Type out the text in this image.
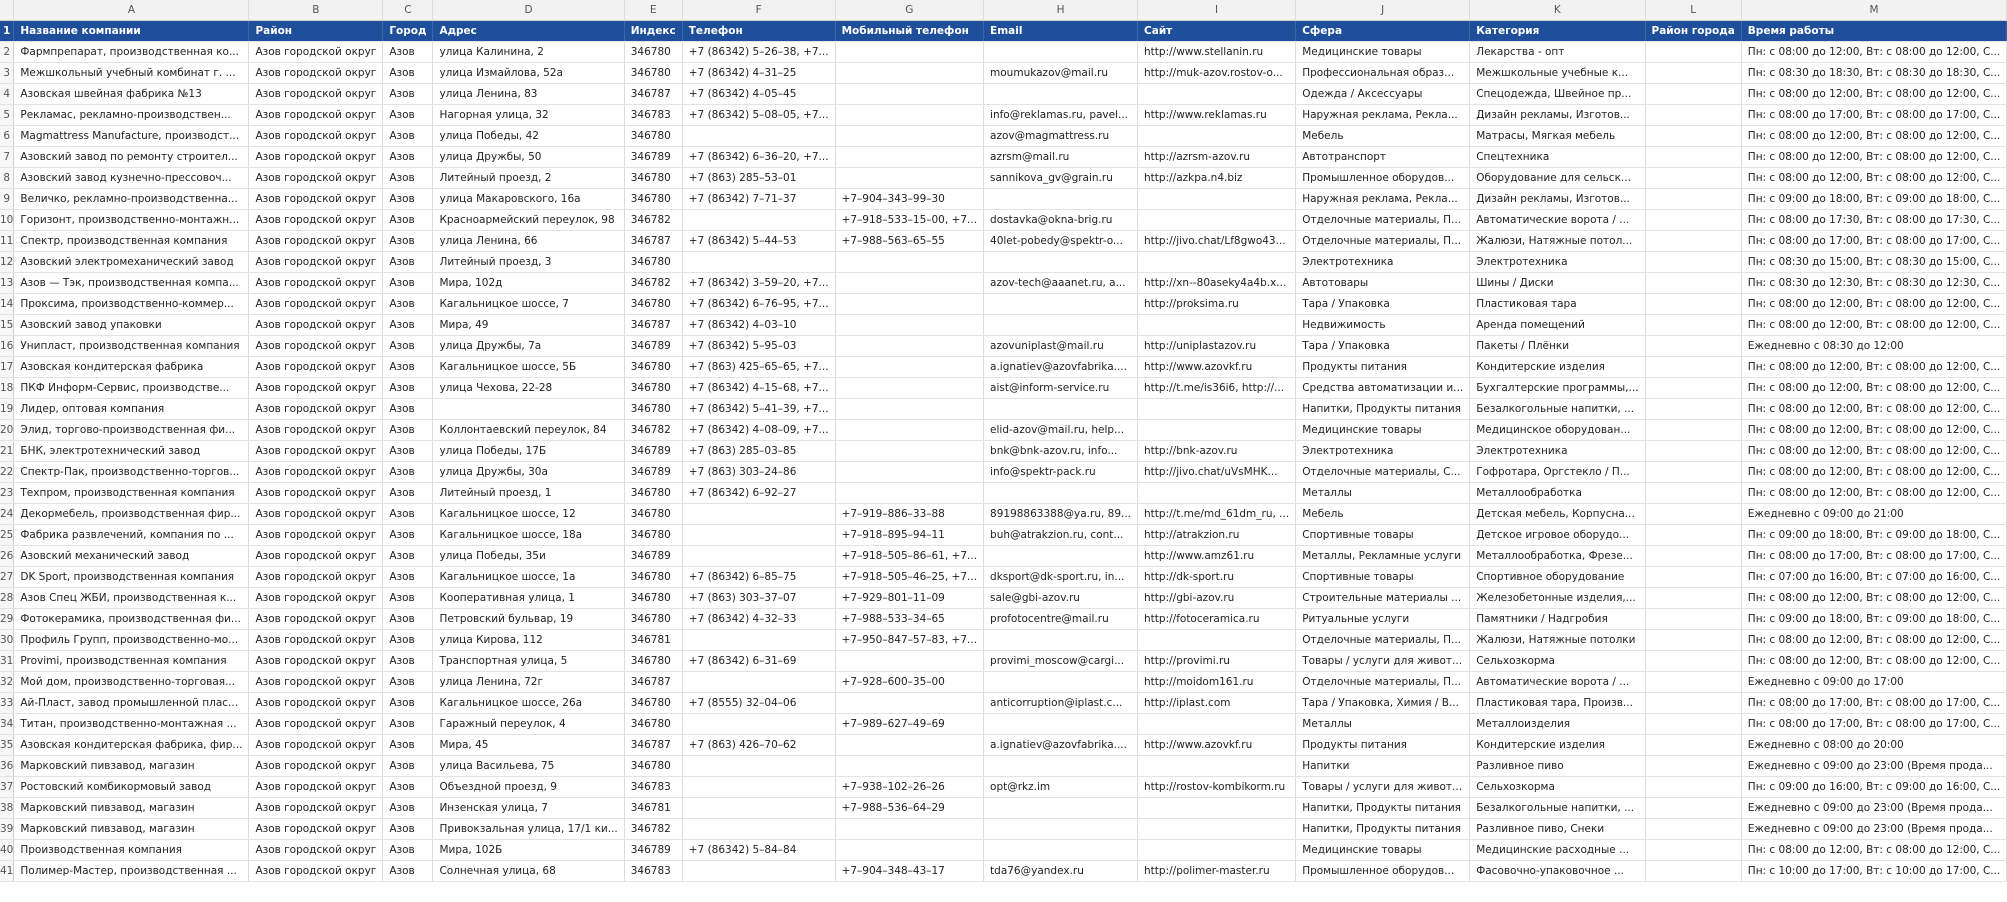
	A	B	C	D	E	F	G	H	I	J	K	L	M
1	Название компании	Район	Город	Адрес	Индекс	Телефон	Мобильный телефон	Email	Сайт	Сфера	Категория	Район города	Время работы
2	Фармпрепарат, производственная ко...	Азов городской округ	Азов	улица Калинина, 2	346780	+7 (86342) 5–26–38, +7...			http://www.stellanin.ru	Медицинские товары	Лекарства - опт		Пн: с 08:00 до 12:00, Вт: с 08:00 до 12:00, С...
3	Межшкольный учебный комбинат г. ...	Азов городской округ	Азов	улица Измайлова, 52а	346780	+7 (86342) 4–31–25		moumukazov@mail.ru	http://muk-azov.rostov-o...	Профессиональная образ...	Межшкольные учебные к...		Пн: с 08:30 до 18:30, Вт: с 08:30 до 18:30, С...
4	Азовская швейная фабрика №13	Азов городской округ	Азов	улица Ленина, 83	346787	+7 (86342) 4–05–45				Одежда / Аксессуары	Спецодежда, Швейное пр...		Пн: с 08:00 до 12:00, Вт: с 08:00 до 12:00, С...
5	Рекламас, рекламно-производствен...	Азов городской округ	Азов	Нагорная улица, 32	346783	+7 (86342) 5–08–05, +7...		info@reklamas.ru, pavel...	http://www.reklamas.ru	Наружная реклама, Рекла...	Дизайн рекламы, Изготов...		Пн: с 08:00 до 17:00, Вт: с 08:00 до 17:00, С...
6	Magmattress Manufacture, производст...	Азов городской округ	Азов	улица Победы, 42	346780			azov@magmattress.ru		Мебель	Матрасы, Мягкая мебель		Пн: с 08:00 до 12:00, Вт: с 08:00 до 12:00, С...
7	Азовский завод по ремонту строител...	Азов городской округ	Азов	улица Дружбы, 50	346789	+7 (86342) 6–36–20, +7...		azrsm@mail.ru	http://azrsm-azov.ru	Автотранспорт	Спецтехника		Пн: с 08:00 до 12:00, Вт: с 08:00 до 12:00, С...
8	Азовский завод кузнечно-прессовоч...	Азов городской округ	Азов	Литейный проезд, 2	346780	+7 (863) 285–53–01		sannikova_gv@grain.ru	http://azkpa.n4.biz	Промышленное оборудов...	Оборудование для сельск...		Пн: с 08:00 до 12:00, Вт: с 08:00 до 12:00, С...
9	Величко, рекламно-производственна...	Азов городской округ	Азов	улица Макаровского, 16а	346780	+7 (86342) 7–71–37	+7–904–343–99–30			Наружная реклама, Рекла...	Дизайн рекламы, Изготов...		Пн: с 09:00 до 18:00, Вт: с 09:00 до 18:00, С...
10	Горизонт, производственно-монтажн...	Азов городской округ	Азов	Красноармейский переулок, 98	346782		+7–918–533–15–00, +7...	dostavka@okna-brig.ru		Отделочные материалы, П...	Автоматические ворота / ...		Пн: с 08:00 до 17:30, Вт: с 08:00 до 17:30, С...
11	Спектр, производственная компания	Азов городской округ	Азов	улица Ленина, 66	346787	+7 (86342) 5–44–53	+7–988–563–65–55	40let-pobedy@spektr-o...	http://jivo.chat/Lf8gwo43...	Отделочные материалы, П...	Жалюзи, Натяжные потол...		Пн: с 08:00 до 17:00, Вт: с 08:00 до 17:00, С...
12	Азовский электромеханический завод	Азов городской округ	Азов	Литейный проезд, 3	346780					Электротехника	Электротехника		Пн: с 08:30 до 15:00, Вт: с 08:30 до 15:00, С...
13	Азов — Тэк, производственная компа...	Азов городской округ	Азов	Мира, 102д	346782	+7 (86342) 3–59–20, +7...		azov-tech@aaanet.ru, a...	http://xn--80aseky4a4b.x...	Автотовары	Шины / Диски		Пн: с 08:30 до 12:30, Вт: с 08:30 до 12:30, С...
14	Проксима, производственно-коммер...	Азов городской округ	Азов	Кагальницкое шоссе, 7	346780	+7 (86342) 6–76–95, +7...			http://proksima.ru	Тара / Упаковка	Пластиковая тара		Пн: с 08:00 до 12:00, Вт: с 08:00 до 12:00, С...
15	Азовский завод упаковки	Азов городской округ	Азов	Мира, 49	346787	+7 (86342) 4–03–10				Недвижимость	Аренда помещений		Пн: с 08:00 до 12:00, Вт: с 08:00 до 12:00, С...
16	Унипласт, производственная компания	Азов городской округ	Азов	улица Дружбы, 7а	346789	+7 (86342) 5–95–03		azovuniplast@mail.ru	http://uniplastazov.ru	Тара / Упаковка	Пакеты / Плёнки		Ежедневно с 08:30 до 12:00
17	Азовская кондитерская фабрика	Азов городской округ	Азов	Кагальницкое шоссе, 5Б	346780	+7 (863) 425–65–65, +7...		a.ignatiev@azovfabrika....	http://www.azovkf.ru	Продукты питания	Кондитерские изделия		Пн: с 08:00 до 12:00, Вт: с 08:00 до 12:00, С...
18	ПКФ Информ-Сервис, производстве...	Азов городской округ	Азов	улица Чехова, 22-28	346780	+7 (86342) 4–15–68, +7...		aist@inform-service.ru	http://t.me/is36i6, http://...	Средства автоматизации и...	Бухгалтерские программы,...		Пн: с 08:00 до 12:00, Вт: с 08:00 до 12:00, С...
19	Лидер, оптовая компания	Азов городской округ	Азов		346780	+7 (86342) 5–41–39, +7...				Напитки, Продукты питания	Безалкогольные напитки, ...		Пн: с 08:00 до 12:00, Вт: с 08:00 до 12:00, С...
20	Элид, торгово-производственная фи...	Азов городской округ	Азов	Коллонтаевский переулок, 84	346782	+7 (86342) 4–08–09, +7...		elid-azov@mail.ru, help...		Медицинские товары	Медицинское оборудован...		Пн: с 08:00 до 12:00, Вт: с 08:00 до 12:00, С...
21	БНК, электротехнический завод	Азов городской округ	Азов	улица Победы, 17Б	346789	+7 (863) 285–03–85		bnk@bnk-azov.ru, info...	http://bnk-azov.ru	Электротехника	Электротехника		Пн: с 08:00 до 12:00, Вт: с 08:00 до 12:00, С...
22	Спектр-Пак, производственно-торгов...	Азов городской округ	Азов	улица Дружбы, 30а	346789	+7 (863) 303–24–86		info@spektr-pack.ru	http://jivo.chat/uVsMHK...	Отделочные материалы, С...	Гофротара, Оргстекло / П...		Пн: с 08:00 до 12:00, Вт: с 08:00 до 12:00, С...
23	Техпром, производственная компания	Азов городской округ	Азов	Литейный проезд, 1	346780	+7 (86342) 6–92–27				Металлы	Металлообработка		Пн: с 08:00 до 12:00, Вт: с 08:00 до 12:00, С...
24	Декормебель, производственная фир...	Азов городской округ	Азов	Кагальницкое шоссе, 12	346780		+7–919–886–33–88	89198863388@ya.ru, 89...	http://t.me/md_61dm_ru, ...	Мебель	Детская мебель, Корпусна...		Ежедневно с 09:00 до 21:00
25	Фабрика развлечений, компания по ...	Азов городской округ	Азов	Кагальницкое шоссе, 18а	346780		+7–918–895–94–11	buh@atrakzion.ru, cont...	http://atrakzion.ru	Спортивные товары	Детское игровое оборудо...		Пн: с 09:00 до 18:00, Вт: с 09:00 до 18:00, С...
26	Азовский механический завод	Азов городской округ	Азов	улица Победы, 35и	346789		+7–918–505–86–61, +7...		http://www.amz61.ru	Металлы, Рекламные услуги	Металлообработка, Фрезе...		Пн: с 08:00 до 17:00, Вт: с 08:00 до 17:00, С...
27	DK Sport, производственная компания	Азов городской округ	Азов	Кагальницкое шоссе, 1а	346780	+7 (86342) 6–85–75	+7–918–505–46–25, +7...	dksport@dk-sport.ru, in...	http://dk-sport.ru	Спортивные товары	Спортивное оборудование		Пн: с 07:00 до 16:00, Вт: с 07:00 до 16:00, С...
28	Азов Спец ЖБИ, производственная к...	Азов городской округ	Азов	Кооперативная улица, 1	346780	+7 (863) 303–37–07	+7–929–801–11–09	sale@gbi-azov.ru	http://gbi-azov.ru	Строительные материалы ...	Железобетонные изделия,...		Пн: с 08:00 до 12:00, Вт: с 08:00 до 12:00, С...
29	Фотокерамика, производственная фи...	Азов городской округ	Азов	Петровский бульвар, 19	346780	+7 (86342) 4–32–33	+7–988–533–34–65	profotocentre@mail.ru	http://fotoceramica.ru	Ритуальные услуги	Памятники / Надгробия		Пн: с 09:00 до 18:00, Вт: с 09:00 до 18:00, С...
30	Профиль Групп, производственно-мо...	Азов городской округ	Азов	улица Кирова, 112	346781		+7–950–847–57–83, +7...			Отделочные материалы, П...	Жалюзи, Натяжные потолки		Пн: с 08:00 до 12:00, Вт: с 08:00 до 12:00, С...
31	Provimi, производственная компания	Азов городской округ	Азов	Транспортная улица, 5	346780	+7 (86342) 6–31–69		provimi_moscow@cargi...	http://provimi.ru	Товары / услуги для живот...	Сельхозкорма		Пн: с 08:00 до 12:00, Вт: с 08:00 до 12:00, С...
32	Мой дом, производственно-торговая...	Азов городской округ	Азов	улица Ленина, 72г	346787		+7–928–600–35–00		http://moidom161.ru	Отделочные материалы, П...	Автоматические ворота / ...		Ежедневно с 09:00 до 17:00
33	Ай-Пласт, завод промышленной плас...	Азов городской округ	Азов	Кагальницкое шоссе, 26а	346780	+7 (8555) 32–04–06		anticorruption@iplast.c...	http://iplast.com	Тара / Упаковка, Химия / В...	Пластиковая тара, Произв...		Пн: с 08:00 до 17:00, Вт: с 08:00 до 17:00, С...
34	Титан, производственно-монтажная ...	Азов городской округ	Азов	Гаражный переулок, 4	346780		+7–989–627–49–69			Металлы	Металлоизделия		Пн: с 08:00 до 17:00, Вт: с 08:00 до 17:00, С...
35	Азовская кондитерская фабрика, фир...	Азов городской округ	Азов	Мира, 45	346787	+7 (863) 426–70–62		a.ignatiev@azovfabrika....	http://www.azovkf.ru	Продукты питания	Кондитерские изделия		Ежедневно с 08:00 до 20:00
36	Марковский пивзавод, магазин	Азов городской округ	Азов	улица Васильева, 75	346780					Напитки	Разливное пиво		Ежедневно с 09:00 до 23:00 (Время прода...
37	Ростовский комбикормовый завод	Азов городской округ	Азов	Объездной проезд, 9	346783		+7–938–102–26–26	opt@rkz.im	http://rostov-kombikorm.ru	Товары / услуги для живот...	Сельхозкорма		Пн: с 09:00 до 16:00, Вт: с 09:00 до 16:00, С...
38	Марковский пивзавод, магазин	Азов городской округ	Азов	Инзенская улица, 7	346781		+7–988–536–64–29			Напитки, Продукты питания	Безалкогольные напитки, ...		Ежедневно с 09:00 до 23:00 (Время прода...
39	Марковский пивзавод, магазин	Азов городской округ	Азов	Привокзальная улица, 17/1 ки...	346782					Напитки, Продукты питания	Разливное пиво, Снеки		Ежедневно с 09:00 до 23:00 (Время прода...
40	Производственная компания	Азов городской округ	Азов	Мира, 102Б	346789	+7 (86342) 5–84–84				Медицинские товары	Медицинские расходные ...		Пн: с 08:00 до 12:00, Вт: с 08:00 до 12:00, С...
41	Полимер-Мастер, производственная ...	Азов городской округ	Азов	Солнечная улица, 68	346783		+7–904–348–43–17	tda76@yandex.ru	http://polimer-master.ru	Промышленное оборудов...	Фасовочно-упаковочное ...		Пн: с 10:00 до 17:00, Вт: с 10:00 до 17:00, С...
